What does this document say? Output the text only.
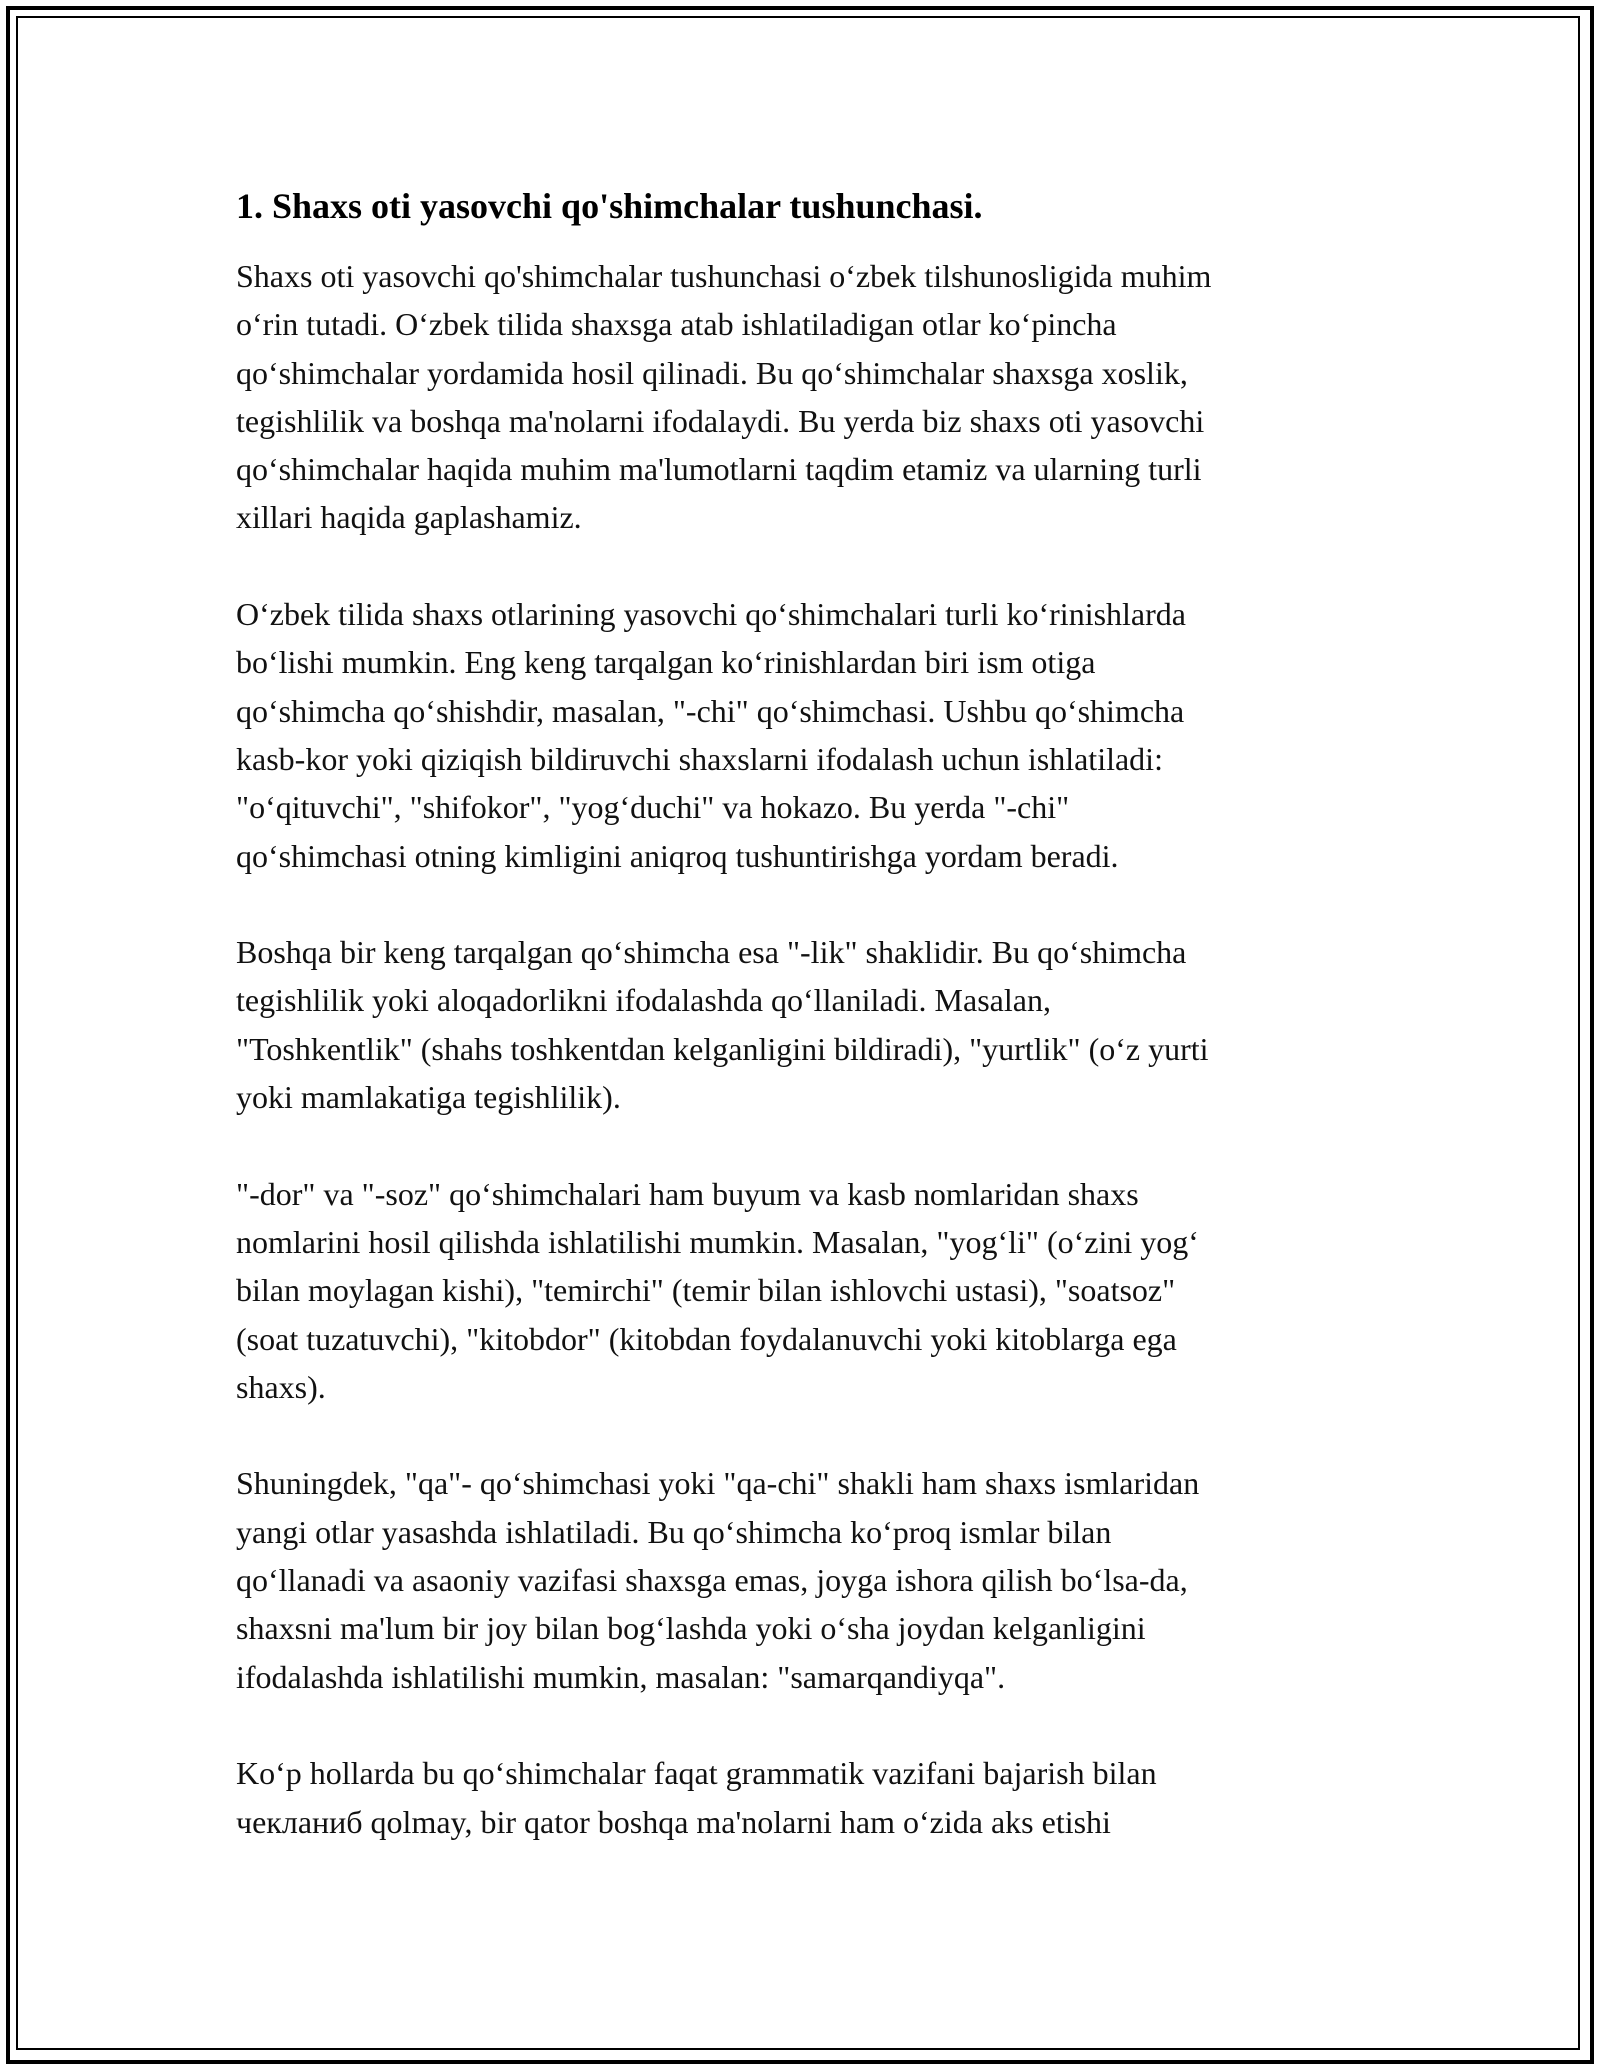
1. Shaxs oti yasovchi qo'shimchalar tushunchasi.

Shaxs oti yasovchi qo'shimchalar tushunchasi oʻzbek tilshunosligida muhim
oʻrin tutadi. Oʻzbek tilida shaxsga atab ishlatiladigan otlar koʻpincha
qoʻshimchalar yordamida hosil qilinadi. Bu qoʻshimchalar shaxsga xoslik,
tegishlilik va boshqa ma'nolarni ifodalaydi. Bu yerda biz shaxs oti yasovchi
qoʻshimchalar haqida muhim ma'lumotlarni taqdim etamiz va ularning turli
xillari haqida gaplashamiz.

Oʻzbek tilida shaxs otlarining yasovchi qoʻshimchalari turli koʻrinishlarda
boʻlishi mumkin. Eng keng tarqalgan koʻrinishlardan biri ism otiga
qoʻshimcha qoʻshishdir, masalan, "-chi" qoʻshimchasi. Ushbu qoʻshimcha
kasb-kor yoki qiziqish bildiruvchi shaxslarni ifodalash uchun ishlatiladi:
"oʻqituvchi", "shifokor", "yogʻduchi" va hokazo. Bu yerda "-chi"
qoʻshimchasi otning kimligini aniqroq tushuntirishga yordam beradi.

Boshqa bir keng tarqalgan qoʻshimcha esa "-lik" shaklidir. Bu qoʻshimcha
tegishlilik yoki aloqadorlikni ifodalashda qoʻllaniladi. Masalan,
"Toshkentlik" (shahs toshkentdan kelganligini bildiradi), "yurtlik" (oʻz yurti
yoki mamlakatiga tegishlilik).

"-dor" va "-soz" qoʻshimchalari ham buyum va kasb nomlaridan shaxs
nomlarini hosil qilishda ishlatilishi mumkin. Masalan, "yogʻli" (oʻzini yogʻ
bilan moylagan kishi), "temirchi" (temir bilan ishlovchi ustasi), "soatsoz"
(soat tuzatuvchi), "kitobdor" (kitobdan foydalanuvchi yoki kitoblarga ega
shaxs).

Shuningdek, "qa"- qoʻshimchasi yoki "qa-chi" shakli ham shaxs ismlaridan
yangi otlar yasashda ishlatiladi. Bu qoʻshimcha koʻproq ismlar bilan
qoʻllanadi va asaoniy vazifasi shaxsga emas, joyga ishora qilish boʻlsa-da,
shaxsni ma'lum bir joy bilan bogʻlashda yoki oʻsha joydan kelganligini
ifodalashda ishlatilishi mumkin, masalan: "samarqandiyqa".

Koʻp hollarda bu qoʻshimchalar faqat grammatik vazifani bajarish bilan
чекланиб qolmay, bir qator boshqa ma'nolarni ham oʻzida aks etishi
